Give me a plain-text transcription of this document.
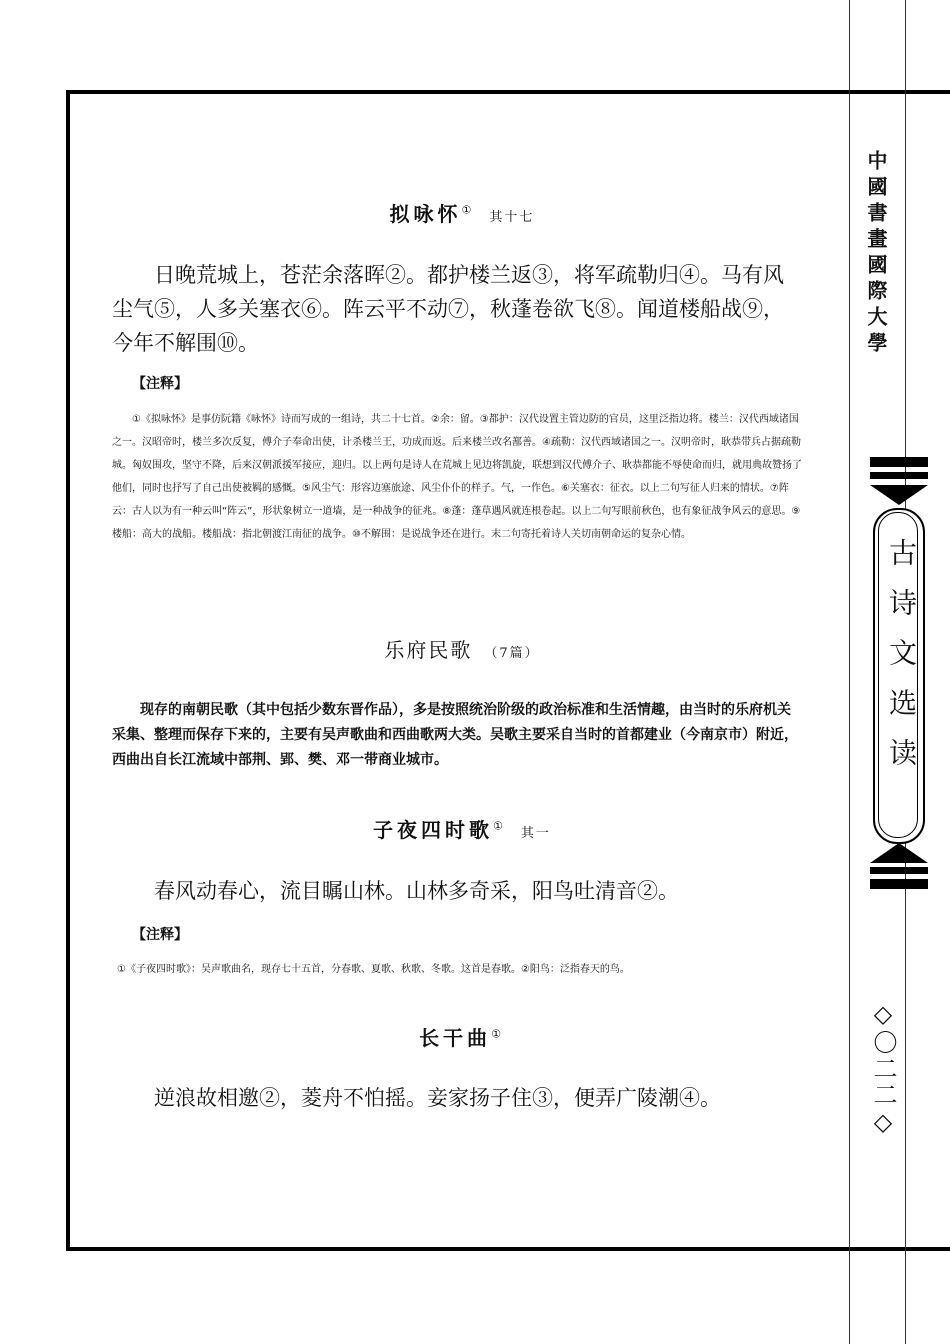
中國書畫國際大學
古诗文选读
◇〇二二◇
拟咏怀①其十七
日晚荒城上，苍茫余落晖②。都护楼兰返③，将军疏勒归④。马有风尘气⑤，人多关塞衣⑥。阵云平不动⑦，秋蓬卷欲飞⑧。闻道楼船战⑨，今年不解围⑩。
【注释】
①《拟咏怀》是事仿阮籍《咏怀》诗而写成的一组诗，共二十七首。②余：留。③都护：汉代设置主管边防的官员，这里泛指边将。楼兰：汉代西域诸国之一。汉昭帝时，楼兰多次反复，傅介子奉命出使，计杀楼兰王，功成而返。后来楼兰改名鄯善。④疏勒：汉代西域诸国之一。汉明帝时，耿恭带兵占据疏勒城。匈奴围攻，坚守不降，后来汉朝派援军接应，迎归。以上两句是诗人在荒城上见边将凯旋，联想到汉代傅介子、耿恭都能不辱使命而归，就用典故赞扬了他们，同时也抒写了自己出使被羁的感慨。⑤风尘气：形容边塞旅途、风尘仆仆的样子。气，一作色。⑥关塞衣：征衣。以上二句写征人归来的情状。⑦阵云：古人以为有一种云叫“阵云”，形状象树立一道墙，是一种战争的征兆。⑧蓬：蓬草遇风就连根卷起。以上二句写眼前秋色，也有象征战争风云的意思。⑨楼船：高大的战船。楼船战：指北朝渡江南征的战争。⑩不解围：是说战争还在进行。末二句寄托着诗人关切南朝命运的复杂心情。
乐府民歌 （7篇）
现存的南朝民歌（其中包括少数东晋作品），多是按照统治阶级的政治标准和生活情趣，由当时的乐府机关采集、整理而保存下来的，主要有吴声歌曲和西曲歌两大类。吴歌主要采自当时的首都建业（今南京市）附近，西曲出自长江流域中部荆、郢、樊、邓一带商业城市。
子夜四时歌①其一
春风动春心，流目瞩山林。山林多奇采，阳鸟吐清音②。
【注释】
①《子夜四时歌》：吴声歌曲名，现存七十五首，分春歌、夏歌、秋歌、冬歌。这首是春歌。②阳鸟：泛指春天的鸟。
长干曲①
逆浪故相邀②，菱舟不怕摇。妾家扬子住③，便弄广陵潮④。
